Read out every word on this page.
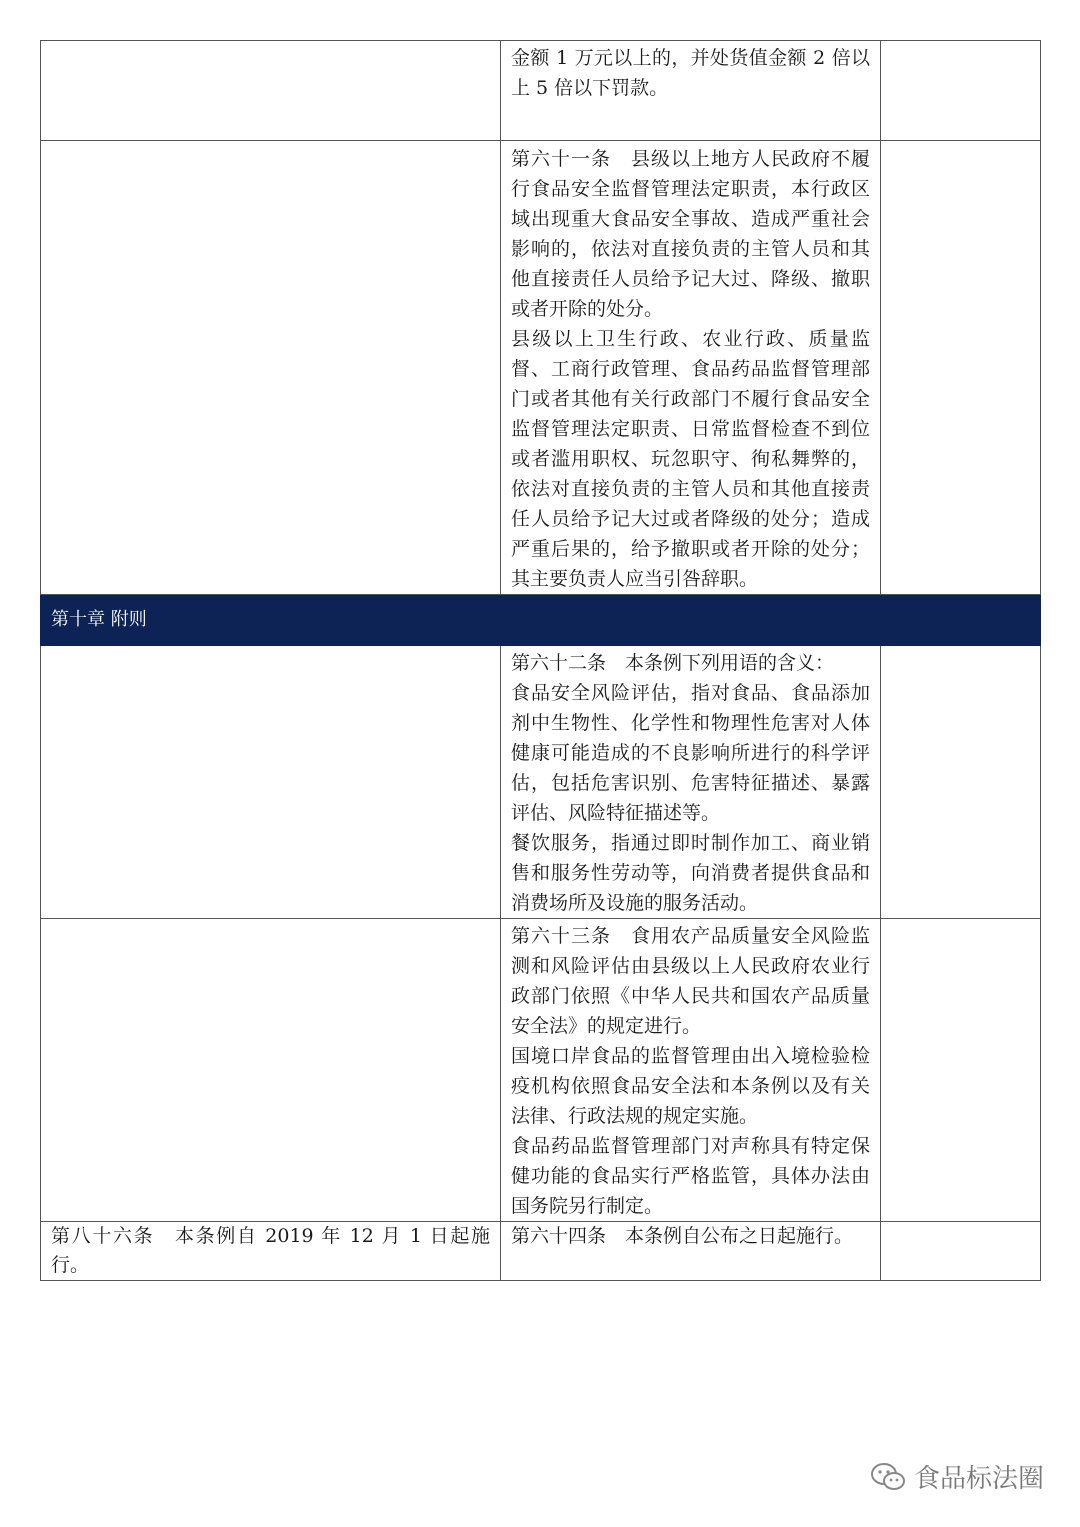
	金额 1 万元以上的，并处货值金额 2 倍以上 5 倍以下罚款。	

	第六十一条　县级以上地方人民政府不履行食品安全监督管理法定职责，本行政区域出现重大食品安全事故、造成严重社会影响的，依法对直接负责的主管人员和其他直接责任人员给予记大过、降级、撤职或者开除的处分。

县级以上卫生行政、农业行政、质量监督、工商行政管理、食品药品监督管理部门或者其他有关行政部门不履行食品安全监督管理法定职责、日常监督检查不到位或者滥用职权、玩忽职守、徇私舞弊的，依法对直接负责的主管人员和其他直接责任人员给予记大过或者降级的处分；造成严重后果的，给予撤职或者开除的处分；其主要负责人应当引咎辞职。	

第十章 附则		

	第六十二条　本条例下列用语的含义：

食品安全风险评估，指对食品、食品添加剂中生物性、化学性和物理性危害对人体健康可能造成的不良影响所进行的科学评估，包括危害识别、危害特征描述、暴露评估、风险特征描述等。

餐饮服务，指通过即时制作加工、商业销售和服务性劳动等，向消费者提供食品和消费场所及设施的服务活动。	

	第六十三条　食用农产品质量安全风险监测和风险评估由县级以上人民政府农业行政部门依照《中华人民共和国农产品质量安全法》的规定进行。

国境口岸食品的监督管理由出入境检验检疫机构依照食品安全法和本条例以及有关法律、行政法规的规定实施。

食品药品监督管理部门对声称具有特定保健功能的食品实行严格监管，具体办法由国务院另行制定。	

第八十六条　本条例自 2019 年 12 月 1 日起施行。	第六十四条　本条例自公布之日起施行。	

食品标法圈
